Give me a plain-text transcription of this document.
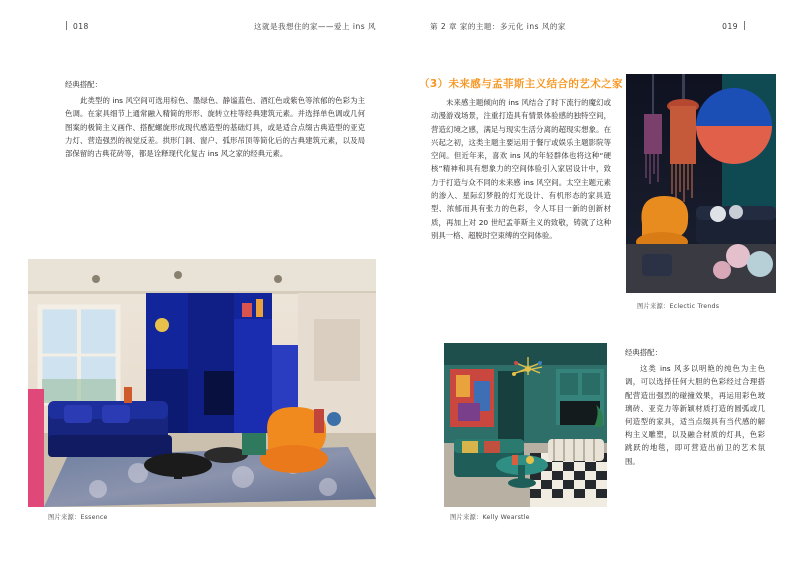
018	这就是我想住的家——爱上 ins 风	第 2 章 家的主题：多元化 ins 风的家	019
经典搭配：

此类型的 ins 风空间可选用棕色、墨绿色、静谧蓝色、酒红色或紫色等浓郁的色彩为主色调。在家具细节上通常融入精简的形形、旋转立柱等经典建筑元素。并选择单色调或几何图案的极简主义画作、搭配螺旋形成现代感造型的基础灯具，或是适合点缀古典造型的亚克力灯、营造强烈的视觉反差。拱形门洞、窗户、弧形吊顶等简化后的古典建筑元素，以及局部保留的古典花砖等，都是诠释现代化复古 ins 风之家的经典元素。

图片来源：Essence
（3）未来感与孟菲斯主义结合的艺术之家

未来感主题倾向的 ins 风结合了时下流行的魔幻或动漫游戏场景，注重打造具有情景体验感的独特空间，营造幻境之感，满足与现实生活分离的超现实想象。在兴起之初，这类主题主要运用于餐厅或娱乐主题影院等空间。但近年来，喜欢 ins 风的年轻群体也将这种“硬核”精神和具有想象力的空间体验引入家居设计中，致力于打造与众不同的未来感 ins 风空间。太空主题元素的渗入、星际幻梦般的灯光设计、有机形态的家具造型、浓郁而具有张力的色彩，令人耳目一新的创新材质，再加上对 20 世纪孟菲斯主义的致敬，铸就了这种别具一格、超脱时空束缚的空间体验。

图片来源：Eclectic Trends
图片来源：Kelly Wearstle
经典搭配：

这类 ins 风多以明艳的纯色为主色调，可以选择任何大胆的色彩经过合理搭配营造出强烈的碰撞效果，再运用彩色玻璃砖、亚克力等新颖材质打造的圆弧或几何造型的家具，适当点缀具有当代感的解构主义雕塑，以及融合材质的灯具，色彩跳跃的地毯，即可营造出前卫的艺术氛围。
